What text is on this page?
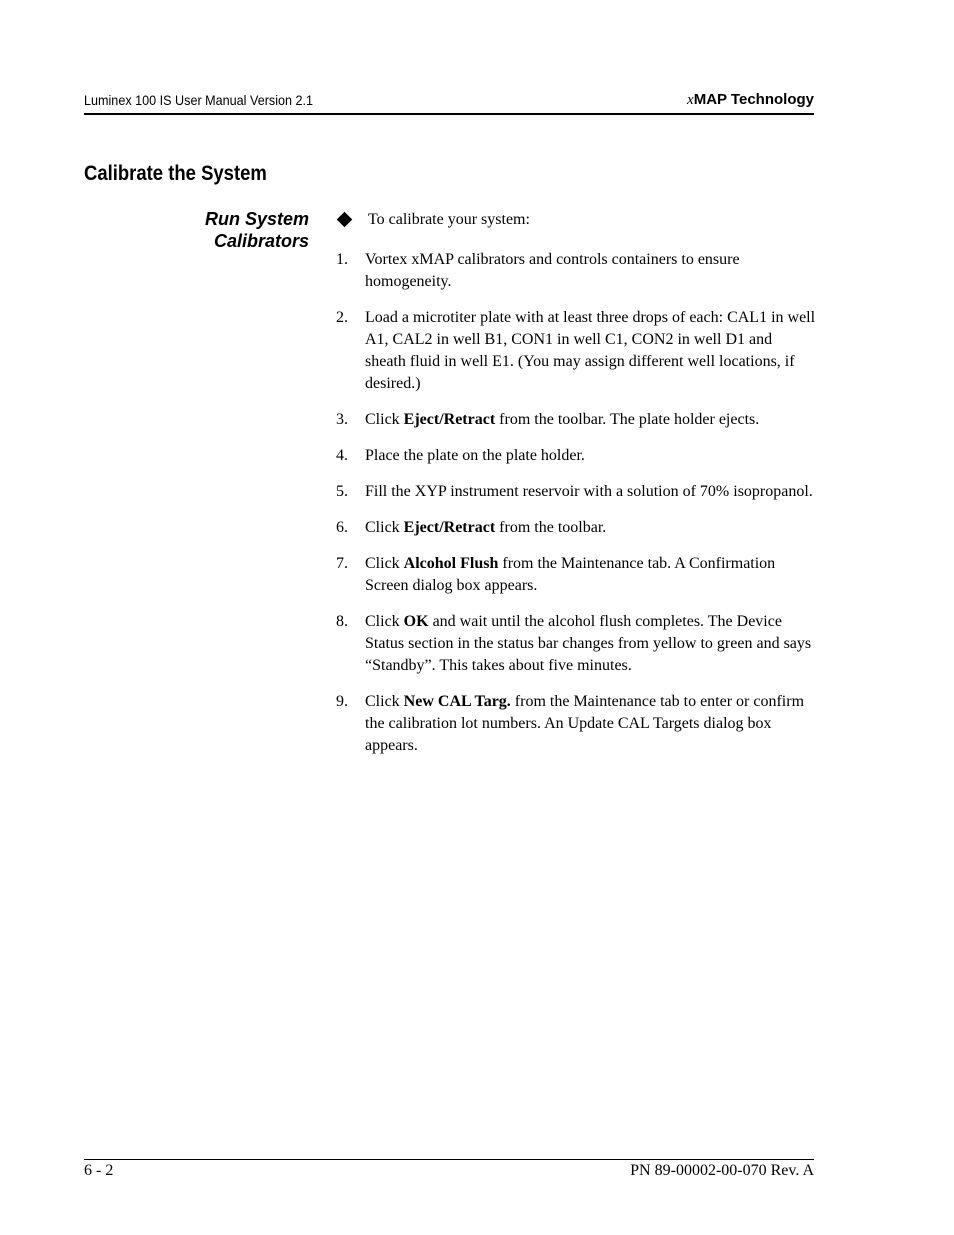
Luminex 100 IS User Manual Version 2.1	xMAP Technology
Calibrate the System
Run System
Calibrators
To calibrate your system:
1.	Vortex xMAP calibrators and controls containers to ensure homogeneity.
2.	Load a microtiter plate with at least three drops of each: CAL1 in well A1, CAL2 in well B1, CON1 in well C1, CON2 in well D1 and sheath fluid in well E1. (You may assign different well locations, if desired.)
3.	Click Eject/Retract from the toolbar. The plate holder ejects.
4.	Place the plate on the plate holder.
5.	Fill the XYP instrument reservoir with a solution of 70% isopropanol.
6.	Click Eject/Retract from the toolbar.
7.	Click Alcohol Flush from the Maintenance tab. A Confirmation Screen dialog box appears.
8.	Click OK and wait until the alcohol flush completes. The Device Status section in the status bar changes from yellow to green and says “Standby”. This takes about five minutes.
9.	Click New CAL Targ. from the Maintenance tab to enter or confirm the calibration lot numbers. An Update CAL Targets dialog box appears.
6 - 2	PN 89-00002-00-070 Rev. A
